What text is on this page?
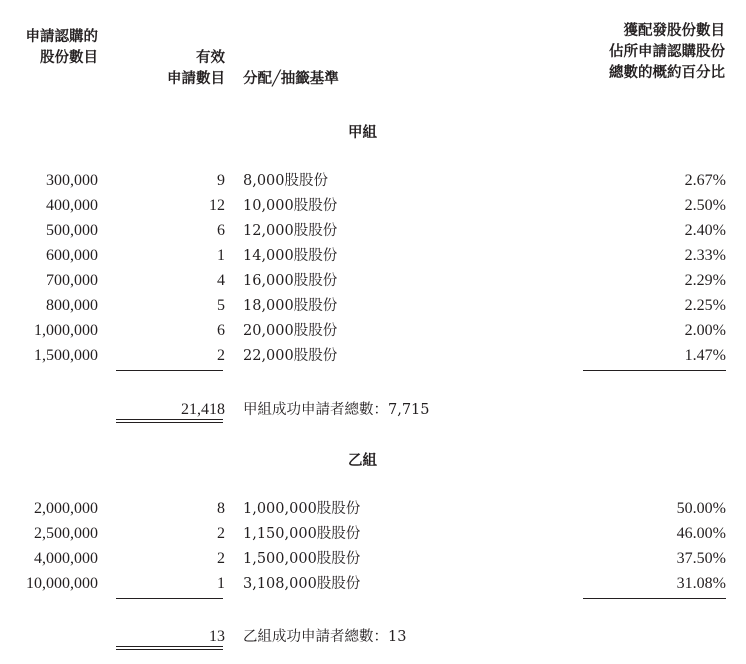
申請認購的
股份數目	有效
申請數目 分配╱抽籤基準
獲配發股份數目
佔所申請認購股份
總數的概約百分比
甲組
300,000	9 8,000股股份	2.67%
400,000	12 10,000股股份	2.50%
500,000	6 12,000股股份	2.40%
600,000	1 14,000股股份	2.33%
700,000	4 16,000股股份	2.29%
800,000	5 18,000股股份	2.25%
1,000,000	6 20,000股股份	2.00%
1,500,000	2 22,000股股份	1.47%
21,418 甲組成功申請者總數：7,715
乙組
2,000,000	8 1,000,000股股份	50.00%
2,500,000	2 1,150,000股股份	46.00%
4,000,000	2 1,500,000股股份	37.50%
10,000,000	1 3,108,000股股份	31.08%
13 乙組成功申請者總數：13
